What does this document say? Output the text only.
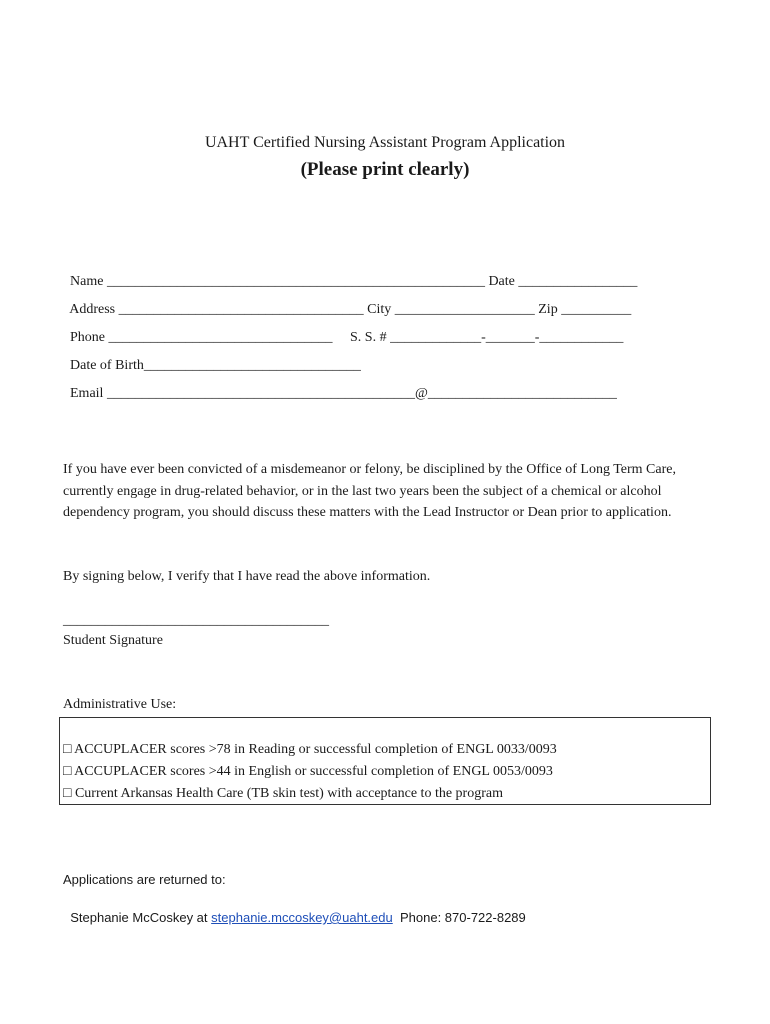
UAHT Certified Nursing Assistant Program Application
(Please print clearly)

Name ______________________________________________________ Date _________________

Address ___________________________________ City ____________________ Zip __________

Phone ________________________________ S. S. # _____________-_______-____________

Date of Birth_______________________________

Email ____________________________________________@___________________________

If you have ever been convicted of a misdemeanor or felony, be disciplined by the Office of Long Term Care, currently engage in drug-related behavior, or in the last two years been the subject of a chemical or alcohol dependency program, you should discuss these matters with the Lead Instructor or Dean prior to application.
By signing below, I verify that I have read the above information.
______________________________________
Student Signature
Administrative Use:
□ ACCUPLACER scores >78 in Reading or successful completion of ENGL 0033/0093
□ ACCUPLACER scores >44 in English or successful completion of ENGL 0053/0093
□ Current Arkansas Health Care (TB skin test) with acceptance to the program
Applications are returned to:

Stephanie McCoskey at stephanie.mccoskey@uaht.edu Phone: 870-722-8289
